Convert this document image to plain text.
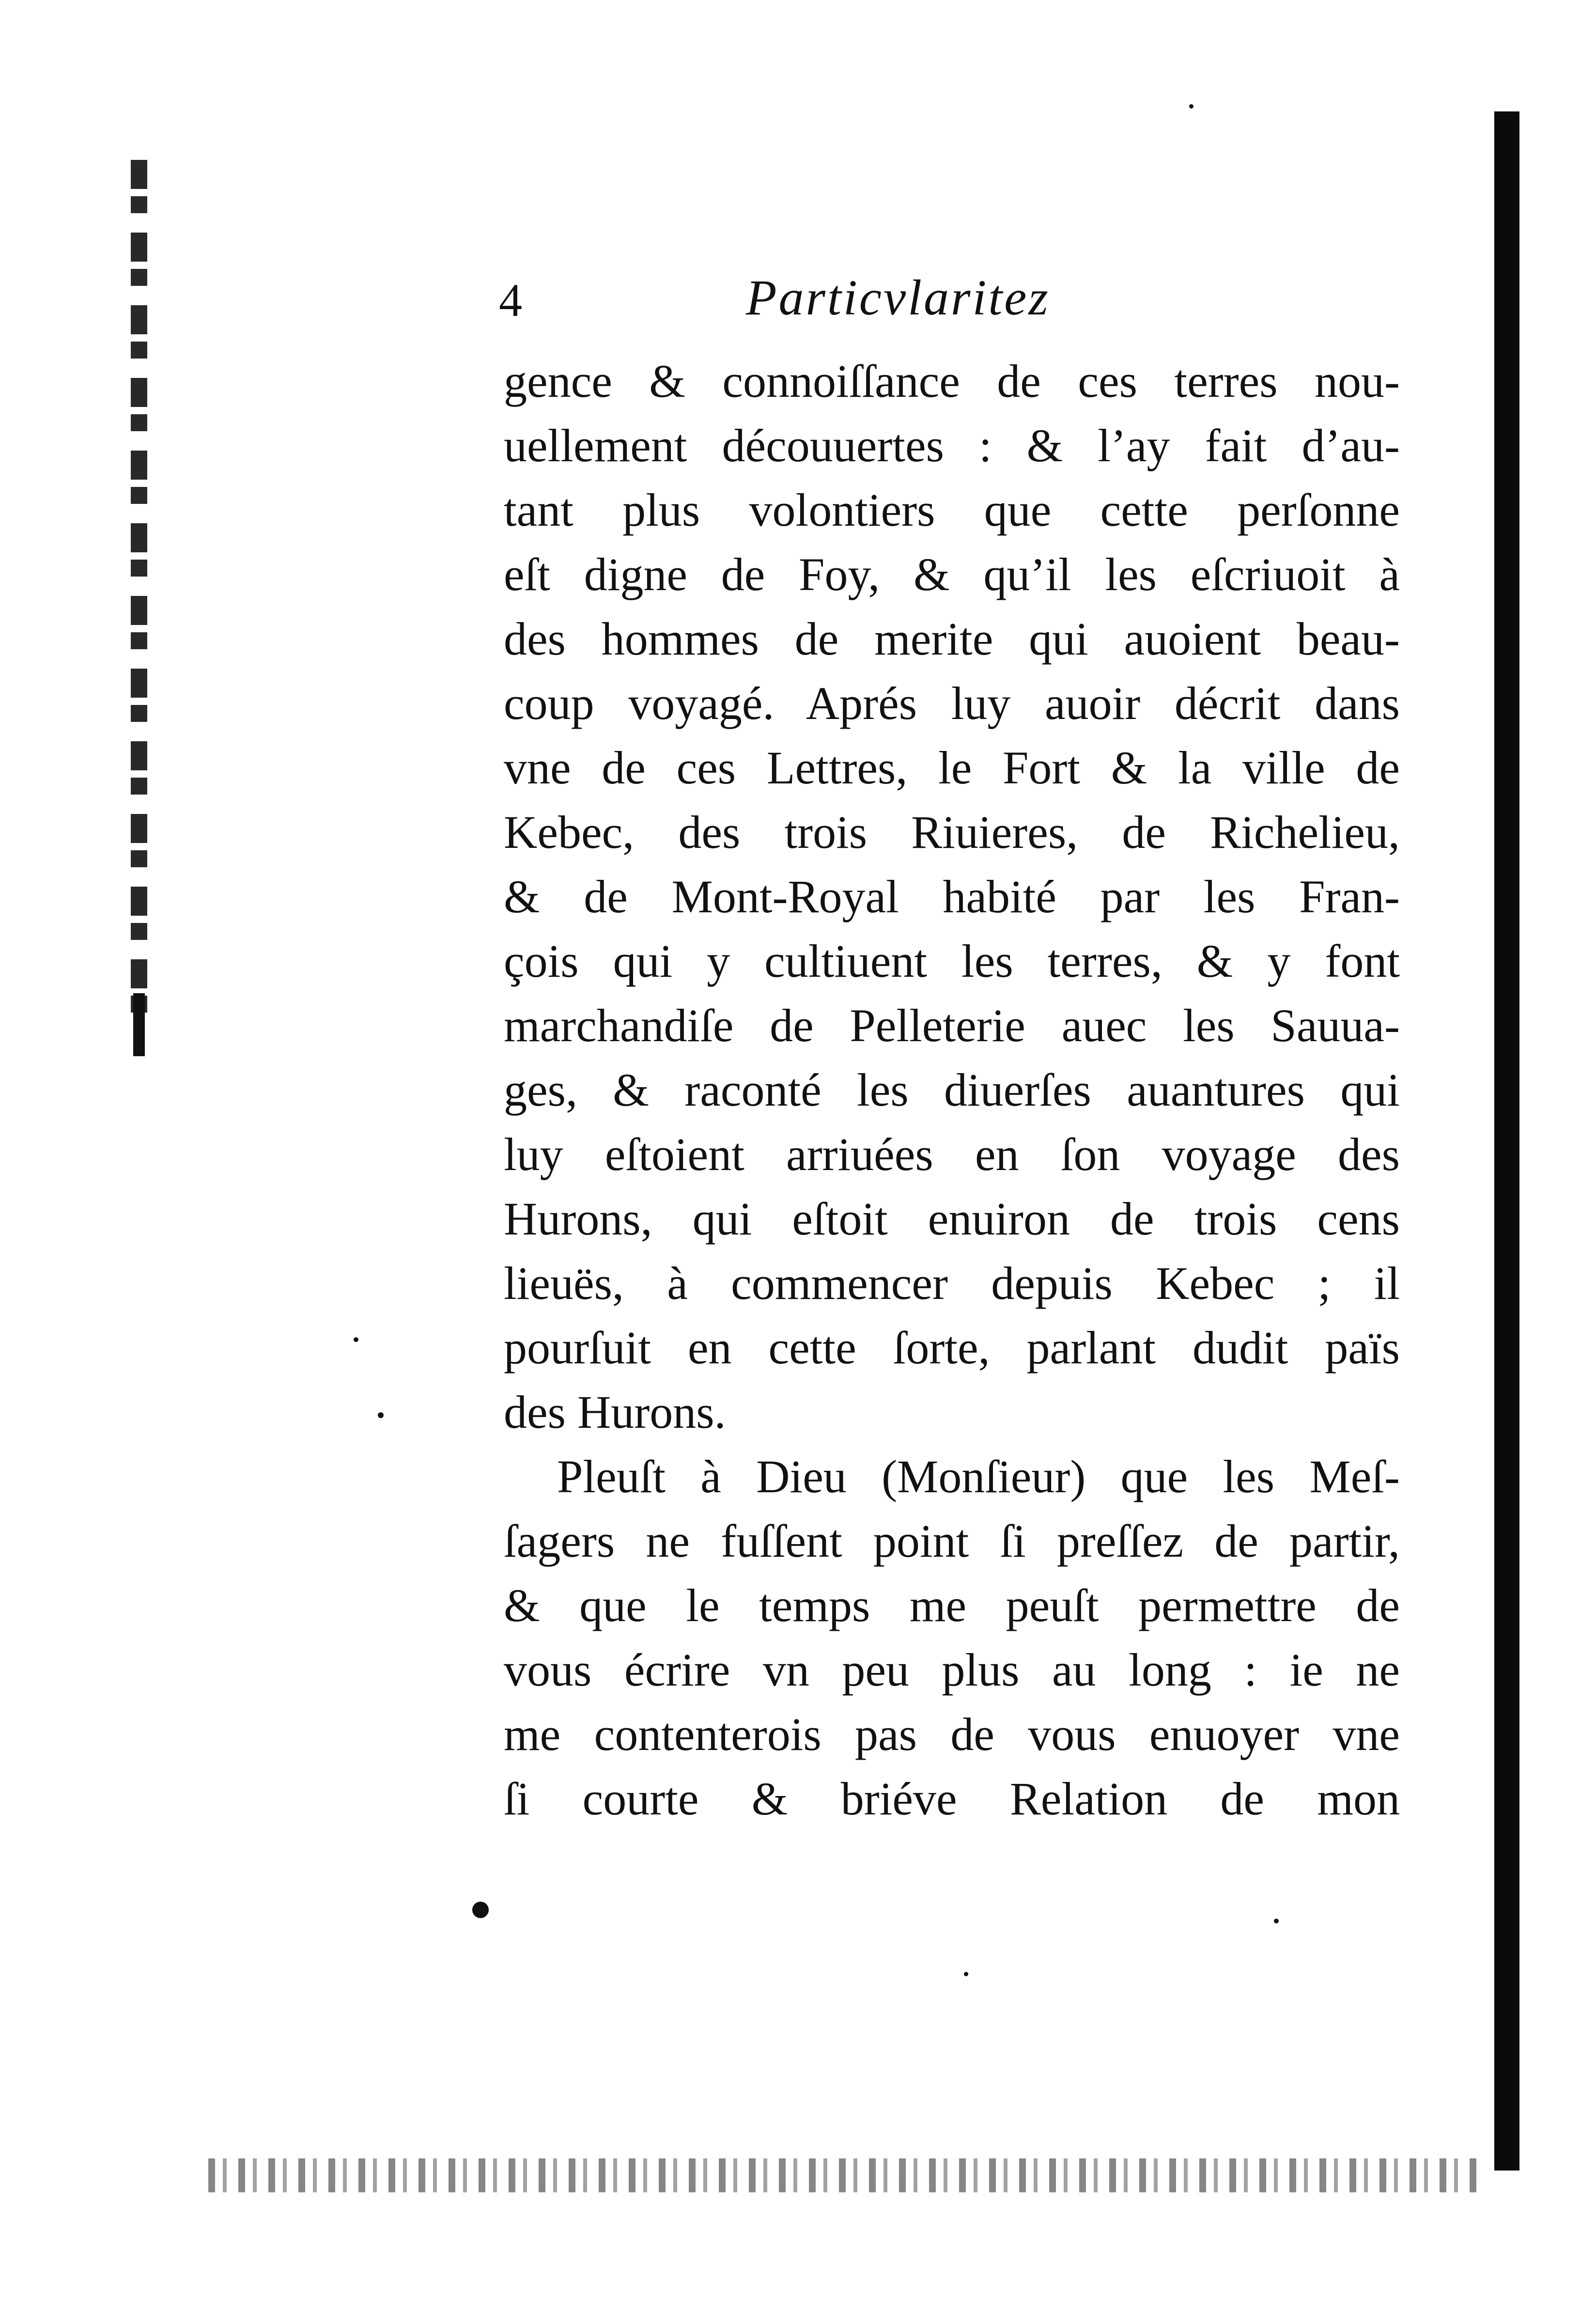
4	Particvlaritez
gence & connoiſſance de ces terres nou-
uellement découuertes : & l’ay fait d’au-
tant plus volontiers que cette perſonne
eſt digne de Foy, & qu’il les eſcriuoit à
des hommes de merite qui auoient beau-
coup voyagé. Aprés luy auoir décrit dans
vne de ces Lettres, le Fort & la ville de
Kebec, des trois Riuieres, de Richelieu,
& de Mont-Royal habité par les Fran-
çois qui y cultiuent les terres, & y font
marchandiſe de Pelleterie auec les Sauua-
ges, & raconté les diuerſes auantures qui
luy eſtoient arriuées en ſon voyage des
Hurons, qui eſtoit enuiron de trois cens
lieuës, à commencer depuis Kebec ; il
pourſuit en cette ſorte, parlant dudit païs
des Hurons.
Pleuſt à Dieu (Monſieur) que les Meſ-
ſagers ne fuſſent point ſi preſſez de partir,
& que le temps me peuſt permettre de
vous écrire vn peu plus au long : ie ne
me contenterois pas de vous enuoyer vne
ſi courte & briéve Relation de mon
